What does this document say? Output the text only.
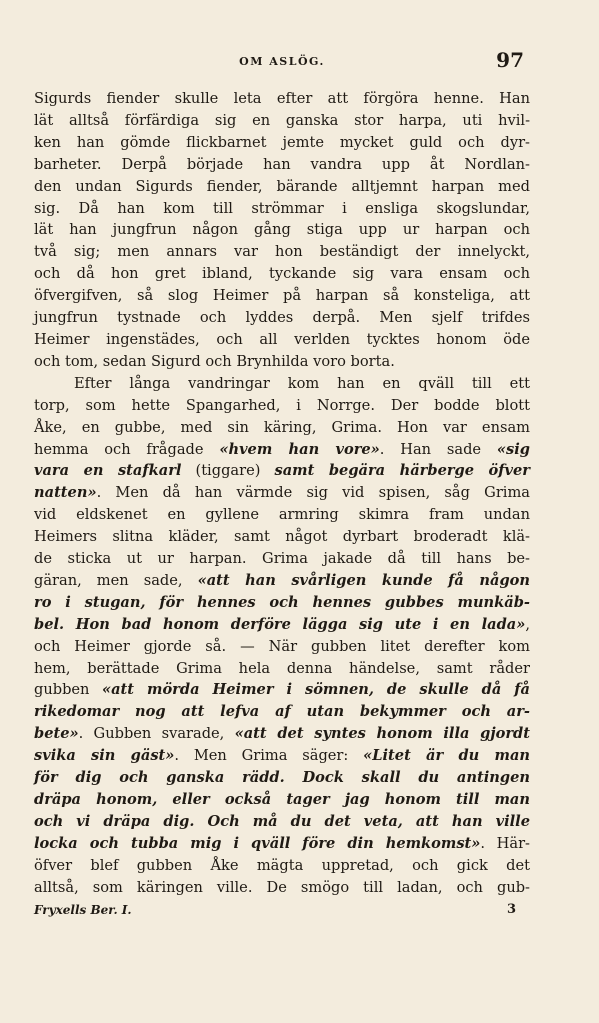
OM ASLÖG.	97
Sigurds fiender skulle leta efter att förgöra henne. Han
lät alltså förfärdiga sig en ganska stor harpa, uti hvil-
ken han gömde flickbarnet jemte mycket guld och dyr-
barheter. Derpå började han vandra upp åt Nordlan-
den undan Sigurds fiender, bärande alltjemnt harpan med
sig. Då han kom till strömmar i ensliga skogslundar,
lät han jungfrun någon gång stiga upp ur harpan och
två sig; men annars var hon beständigt der innelyckt,
och då hon gret ibland, tyckande sig vara ensam och
öfvergifven, så slog Heimer på harpan så konsteliga, att
jungfrun tystnade och lyddes derpå. Men sjelf trifdes
Heimer ingenstädes, och all verlden tycktes honom öde
och tom, sedan Sigurd och Brynhilda voro borta.
Efter långa vandringar kom han en qväll till ett
torp, som hette Spangarhed, i Norrge. Der bodde blott
Åke, en gubbe, med sin käring, Grima. Hon var ensam
hemma och frågade «hvem han vore». Han sade «sig
vara en stafkarl (tiggare) samt begära härberge öfver
natten». Men då han värmde sig vid spisen, såg Grima
vid eldskenet en gyllene armring skimra fram undan
Heimers slitna kläder, samt något dyrbart broderadt klä-
de sticka ut ur harpan. Grima jakade då till hans be-
gäran, men sade, «att han svårligen kunde få någon
ro i stugan, för hennes och hennes gubbes munkäb-
bel. Hon bad honom derföre lägga sig ute i en lada»,
och Heimer gjorde så. — När gubben litet derefter kom
hem, berättade Grima hela denna händelse, samt råder
gubben «att mörda Heimer i sömnen, de skulle då få
rikedomar nog att lefva af utan bekymmer och ar-
bete». Gubben svarade, «att det syntes honom illa gjordt
svika sin gäst». Men Grima säger: «Litet är du man
för dig och ganska rädd. Dock skall du antingen
dräpa honom, eller också tager jag honom till man
och vi dräpa dig. Och må du det veta, att han ville
locka och tubba mig i qväll före din hemkomst». Här-
öfver blef gubben Åke mägta uppretad, och gick det
alltså, som käringen ville. De smögo till ladan, och gub-
Fryxells Ber. I.	3
